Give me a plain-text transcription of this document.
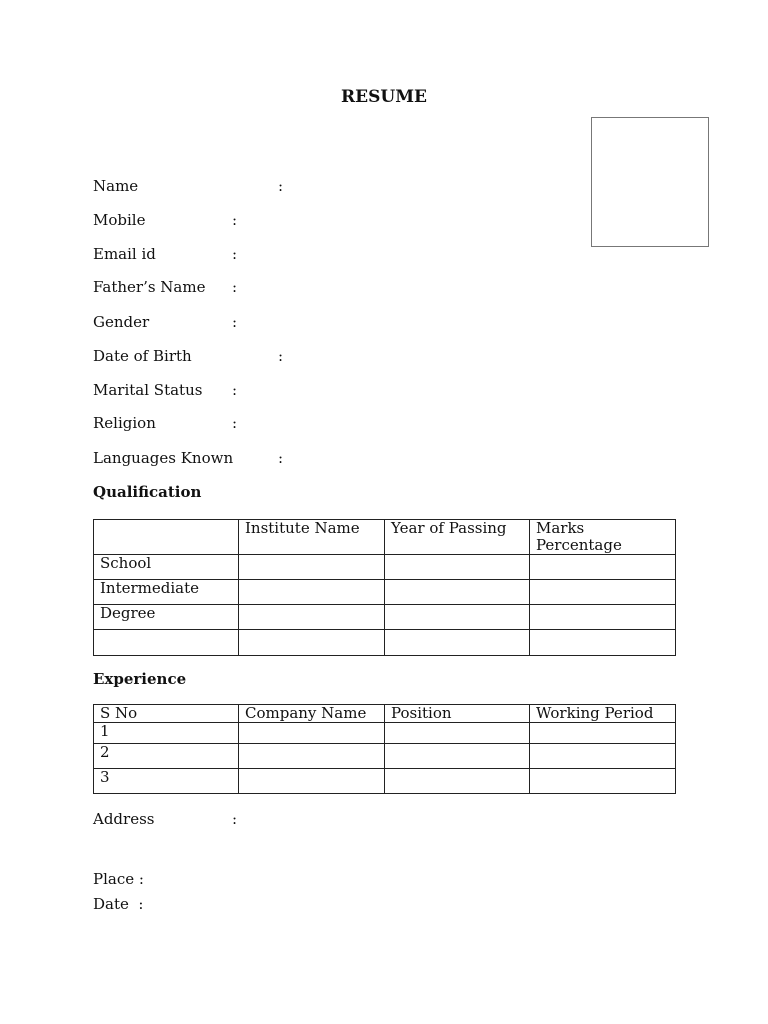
RESUME
Name	:
Mobile	:
Email id	:
Father’s Name :
Gender	:
Date of Birth	:
Marital Status :
Religion	:
Languages Known	:
Qualification
	Institute Name	Year of Passing	Marks Percentage
School			
Intermediate			
Degree			

Experience
S No	Company Name	Position	Working Period
1			
2			
3			
Address	:
Place :
Date  :
